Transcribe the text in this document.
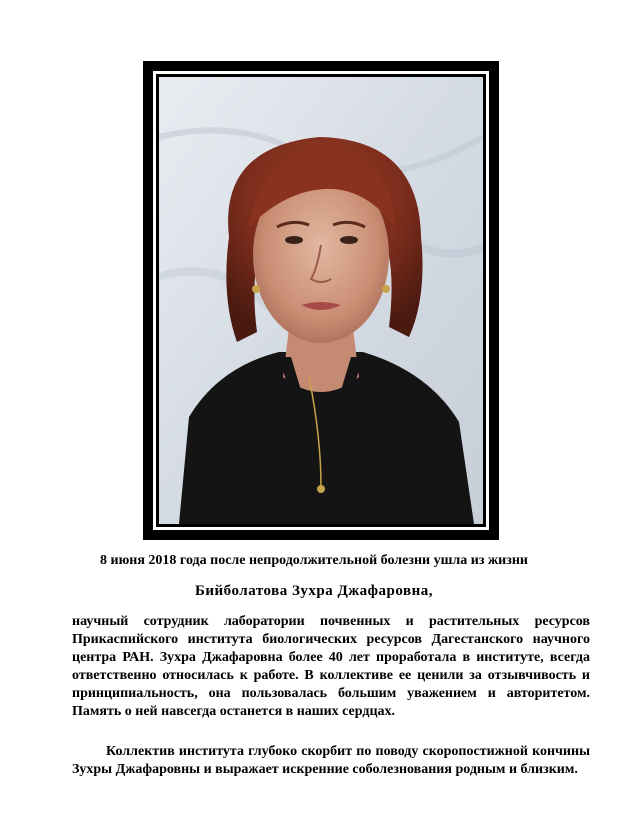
8 июня 2018 года после непродолжительной болезни ушла из жизни
Бийболатова Зухра Джафаровна,

научный сотрудник лаборатории почвенных и растительных ресурсов Прикаспийского института биологических ресурсов Дагестанского научного центра РАН. Зухра Джафаровна более 40 лет проработала в институте, всегда ответственно относилась к работе. В коллективе ее ценили за отзывчивость и принципиальность, она пользовалась большим уважением и авторитетом. Память о ней навсегда останется в наших сердцах.

Коллектив института глубоко скорбит по поводу скоропостижной кончины Зухры Джафаровны и выражает искренние соболезнования родным и близким.
